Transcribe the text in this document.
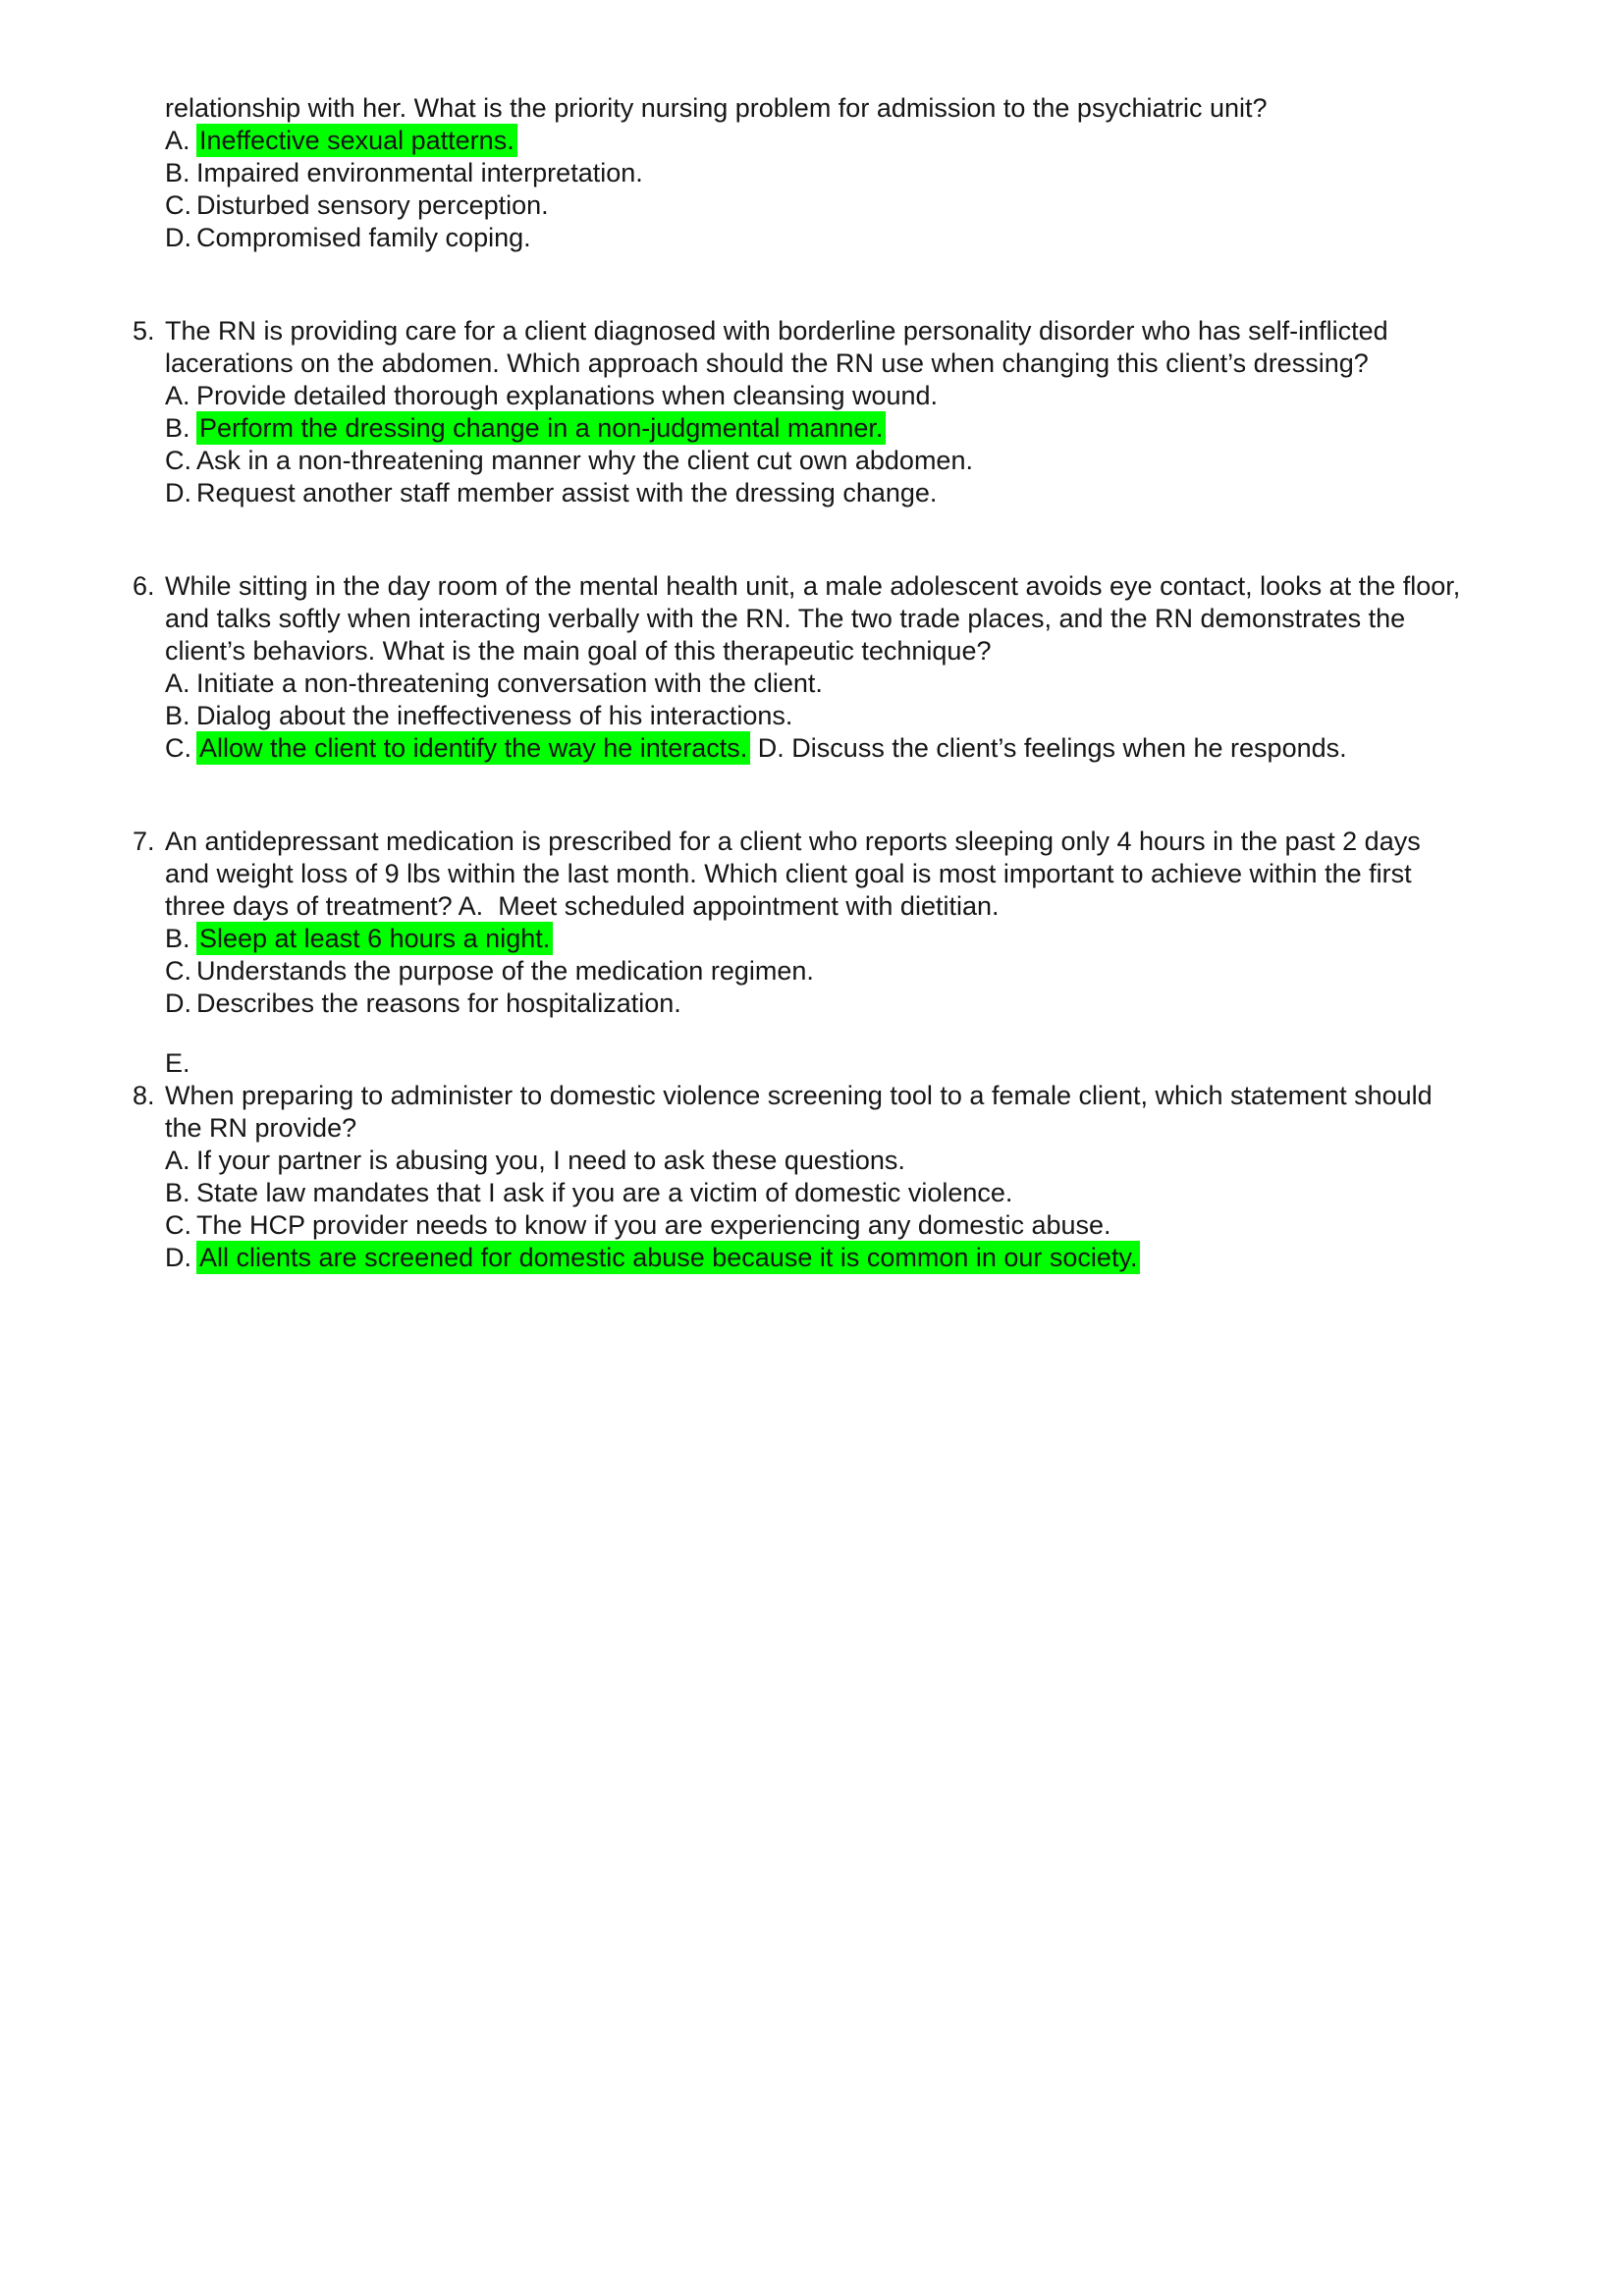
relationship with her. What is the priority nursing problem for admission to the psychiatric unit?

A. Ineffective sexual patterns.

B. Impaired environmental interpretation.

C. Disturbed sensory perception.

D. Compromised family coping.

5. The RN is providing care for a client diagnosed with borderline personality disorder who has self-inflicted lacerations on the abdomen. Which approach should the RN use when changing this client’s dressing?

A. Provide detailed thorough explanations when cleansing wound.

B. Perform the dressing change in a non-judgmental manner.

C. Ask in a non-threatening manner why the client cut own abdomen.

D. Request another staff member assist with the dressing change.

6. While sitting in the day room of the mental health unit, a male adolescent avoids eye contact, looks at the floor, and talks softly when interacting verbally with the RN. The two trade places, and the RN demonstrates the client’s behaviors. What is the main goal of this therapeutic technique?

A. Initiate a non-threatening conversation with the client.

B. Dialog about the ineffectiveness of his interactions.

C. Allow the client to identify the way he interacts. D. Discuss the client’s feelings when he responds.

7. An antidepressant medication is prescribed for a client who reports sleeping only 4 hours in the past 2 days and weight loss of 9 lbs within the last month. Which client goal is most important to achieve within the first three days of treatment? A.  Meet scheduled appointment with dietitian.

B. Sleep at least 6 hours a night.

C. Understands the purpose of the medication regimen.

D. Describes the reasons for hospitalization.

E.

8. When preparing to administer to domestic violence screening tool to a female client, which statement should the RN provide?

A. If your partner is abusing you, I need to ask these questions.

B. State law mandates that I ask if you are a victim of domestic violence.

C. The HCP provider needs to know if you are experiencing any domestic abuse.

D. All clients are screened for domestic abuse because it is common in our society.
